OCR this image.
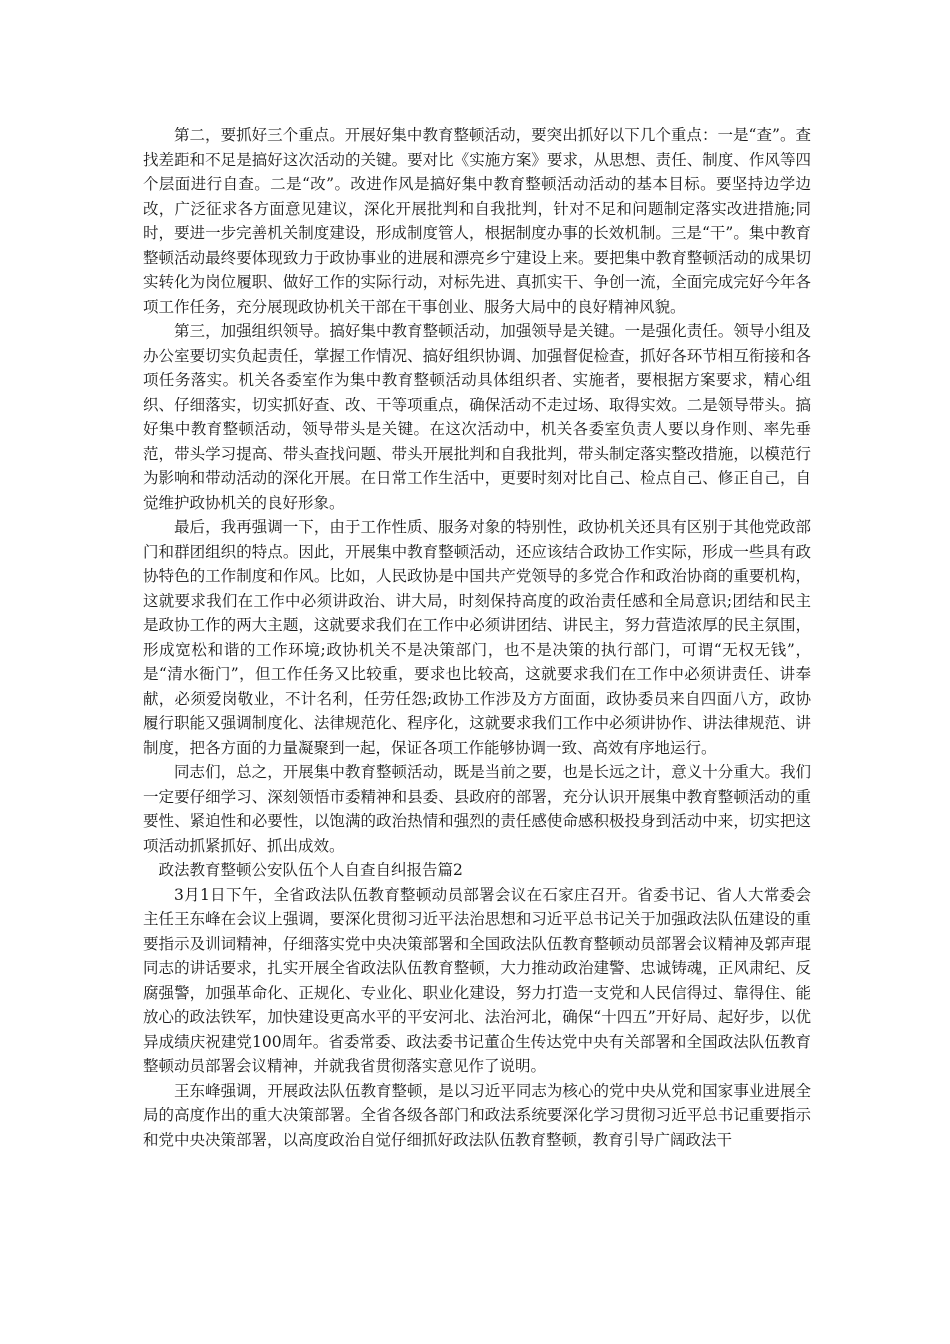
第二，要抓好三个重点。开展好集中教育整顿活动，要突出抓好以下几个重点：一是“查”。查找差距和不足是搞好这次活动的关键。要对比《实施方案》要求，从思想、责任、制度、作风等四个层面进行自查。二是“改”。改进作风是搞好集中教育整顿活动活动的基本目标。要坚持边学边改，广泛征求各方面意见建议，深化开展批判和自我批判，针对不足和问题制定落实改进措施;同时，要进一步完善机关制度建设，形成制度管人，根据制度办事的长效机制。三是“干”。集中教育整顿活动最终要体现致力于政协事业的进展和漂亮乡宁建设上来。要把集中教育整顿活动的成果切实转化为岗位履职、做好工作的实际行动，对标先进、真抓实干、争创一流，全面完成完好今年各项工作任务，充分展现政协机关干部在干事创业、服务大局中的良好精神风貌。

第三，加强组织领导。搞好集中教育整顿活动，加强领导是关键。一是强化责任。领导小组及办公室要切实负起责任，掌握工作情况、搞好组织协调、加强督促检查，抓好各环节相互衔接和各项任务落实。机关各委室作为集中教育整顿活动具体组织者、实施者，要根据方案要求，精心组织、仔细落实，切实抓好查、改、干等项重点，确保活动不走过场、取得实效。二是领导带头。搞好集中教育整顿活动，领导带头是关键。在这次活动中，机关各委室负责人要以身作则、率先垂范，带头学习提高、带头查找问题、带头开展批判和自我批判，带头制定落实整改措施，以模范行为影响和带动活动的深化开展。在日常工作生活中，更要时刻对比自己、检点自己、修正自己，自觉维护政协机关的良好形象。

最后，我再强调一下，由于工作性质、服务对象的特别性，政协机关还具有区别于其他党政部门和群团组织的特点。因此，开展集中教育整顿活动，还应该结合政协工作实际，形成一些具有政协特色的工作制度和作风。比如，人民政协是中国共产党领导的多党合作和政治协商的重要机构，这就要求我们在工作中必须讲政治、讲大局，时刻保持高度的政治责任感和全局意识;团结和民主是政协工作的两大主题，这就要求我们在工作中必须讲团结、讲民主，努力营造浓厚的民主氛围，形成宽松和谐的工作环境;政协机关不是决策部门，也不是决策的执行部门，可谓“无权无钱”，是“清水衙门”，但工作任务又比较重，要求也比较高，这就要求我们在工作中必须讲责任、讲奉献，必须爱岗敬业，不计名利，任劳任怨;政协工作涉及方方面面，政协委员来自四面八方，政协履行职能又强调制度化、法律规范化、程序化，这就要求我们工作中必须讲协作、讲法律规范、讲制度，把各方面的力量凝聚到一起，保证各项工作能够协调一致、高效有序地运行。

同志们，总之，开展集中教育整顿活动，既是当前之要，也是长远之计，意义十分重大。我们一定要仔细学习、深刻领悟市委精神和县委、县政府的部署，充分认识开展集中教育整顿活动的重要性、紧迫性和必要性，以饱满的政治热情和强烈的责任感使命感积极投身到活动中来，切实把这项活动抓紧抓好、抓出成效。

政法教育整顿公安队伍个人自查自纠报告篇2

3月1日下午，全省政法队伍教育整顿动员部署会议在石家庄召开。省委书记、省人大常委会主任王东峰在会议上强调，要深化贯彻习近平法治思想和习近平总书记关于加强政法队伍建设的重要指示及训词精神，仔细落实党中央决策部署和全国政法队伍教育整顿动员部署会议精神及郭声琨同志的讲话要求，扎实开展全省政法队伍教育整顿，大力推动政治建警、忠诚铸魂，正风肃纪、反腐强警，加强革命化、正规化、专业化、职业化建设，努力打造一支党和人民信得过、靠得住、能放心的政法铁军，加快建设更高水平的平安河北、法治河北，确保“十四五”开好局、起好步，以优异成绩庆祝建党100周年。省委常委、政法委书记董仚生传达党中央有关部署和全国政法队伍教育整顿动员部署会议精神，并就我省贯彻落实意见作了说明。

王东峰强调，开展政法队伍教育整顿，是以习近平同志为核心的党中央从党和国家事业进展全局的高度作出的重大决策部署。全省各级各部门和政法系统要深化学习贯彻习近平总书记重要指示和党中央决策部署，以高度政治自觉仔细抓好政法队伍教育整顿，教育引导广阔政法干
